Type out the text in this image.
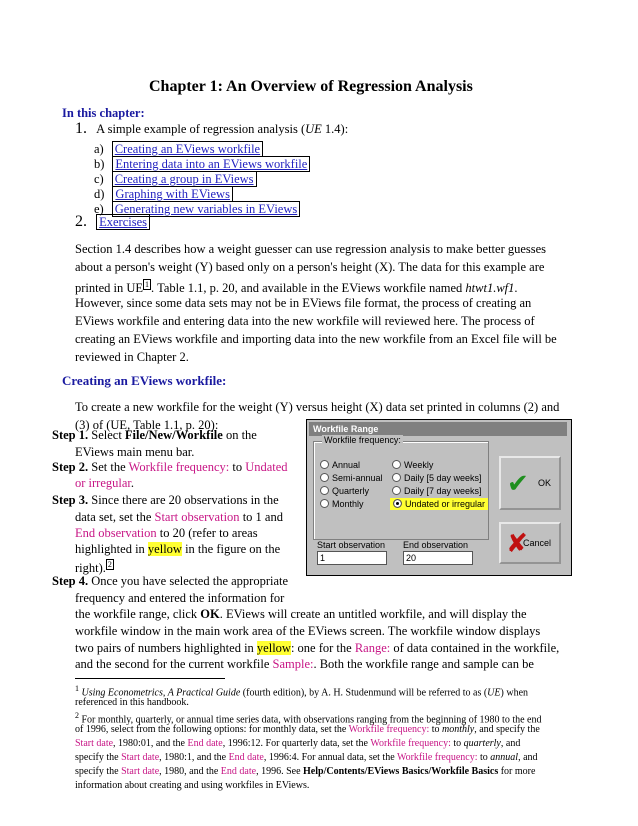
Chapter 1: An Overview of Regression Analysis
In this chapter:
1. A simple example of regression analysis (UE 1.4):
a) Creating an EViews workfile
b) Entering data into an EViews workfile
c) Creating a group in EViews
d) Graphing with EViews
e) Generating new variables in EViews
2. Exercises
Section 1.4 describes how a weight guesser can use regression analysis to make better guesses
about a person's weight (Y) based only on a person's height (X). The data for this example are
printed in UE $^1$ . Table 1.1, p. 20, and available in the EViews workfile named htwt1.wf1.
However, since some data sets may not be in EViews file format, the process of creating an
EViews workfile and entering data into the new workfile will reviewed here. The process of
creating an EViews workfile and importing data into the new workfile from an Excel file will be
reviewed in Chapter 2.
Creating an EViews workfile:
To create a new workfile for the weight (Y) versus height (X) data set printed in columns (2) and
(3) of (UE, Table 1.1, p. 20):
Step 1. Select File/New/Workfile on the
EViews main menu bar.
Step 2. Set the Workfile frequency: to Undated
or irregular.
Step 3. Since there are 20 observations in the
data set, set the Start observation to 1 and
End observation to 20 (refer to areas
highlighted in yellow in the figure on the
right). $^2$
Step 4. Once you have selected the appropriate
frequency and entered the information for
the workfile range, click OK. EViews will create an untitled workfile, and will display the
workfile window in the main work area of the EViews screen. The workfile window displays
two pairs of numbers highlighted in yellow: one for the Range: of data contained in the workfile,
and the second for the current workfile Sample:. Both the workfile range and sample can be
Workfile Range
Workfile frequency:
Annual
Semi-annual
Quarterly
Monthly
Weekly
Daily [5 day weeks]
Daily [7 day weeks]
Undated or irregular
Start observation
1
End observation
20
✔ OK
✘
Cancel
$^1$ Using Econometrics, A Practical Guide (fourth edition), by A. H. Studenmund will be referred to as (UE) when
referenced in this handbook.
$^2$ For monthly, quarterly, or annual time series data, with observations ranging from the beginning of 1980 to the end
of 1996, select from the following options: for monthly data, set the Workfile frequency: to monthly, and specify the
Start date, 1980:01, and the End date, 1996:12. For quarterly data, set the Workfile frequency: to quarterly, and
specify the Start date, 1980:1, and the End date, 1996:4. For annual data, set the Workfile frequency: to annual, and
specify the Start date, 1980, and the End date, 1996. See Help/Contents/EViews Basics/Workfile Basics for more
information about creating and using workfiles in EViews.
